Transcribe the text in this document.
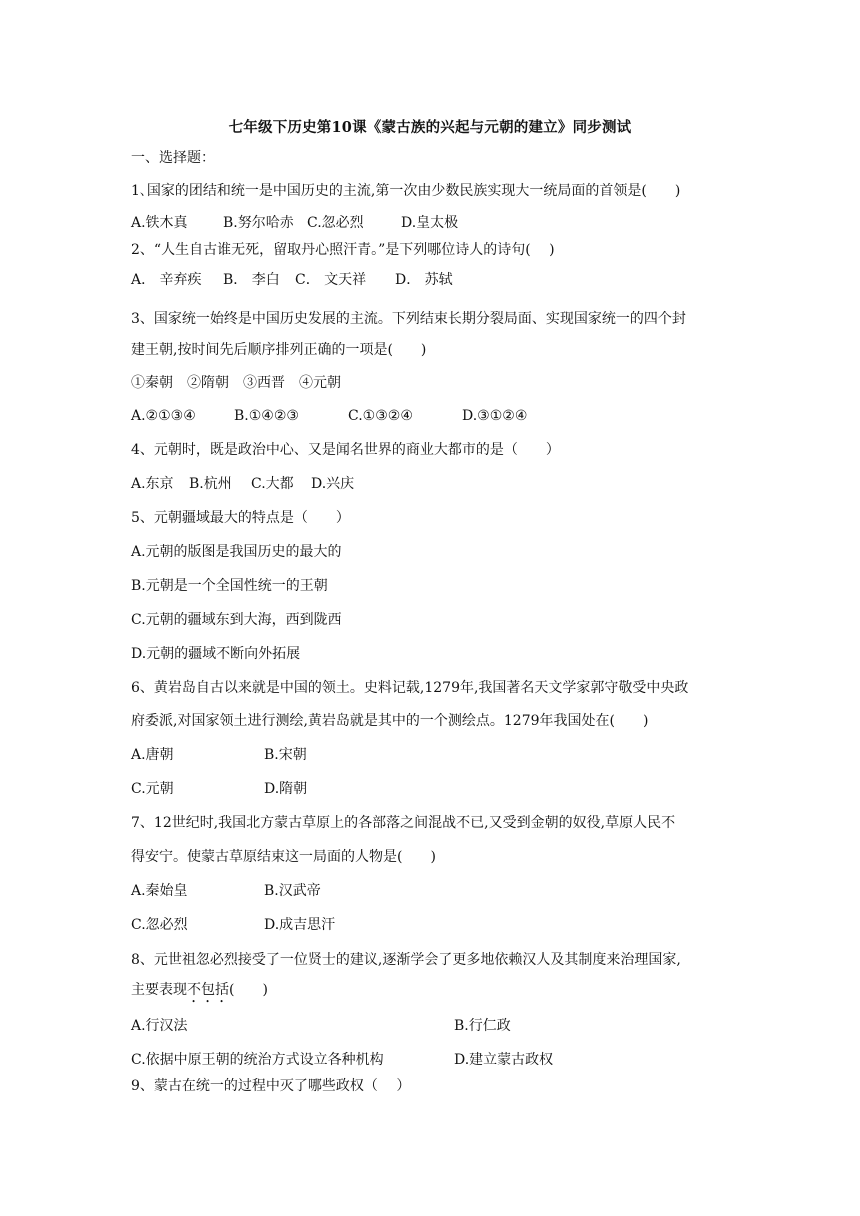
七年级下历史第10课《蒙古族的兴起与元朝的建立》同步测试
一、选择题：
1､国家的团结和统一是中国历史的主流,第一次由少数民族实现大一统局面的首领是(　　)
A.铁木真	B.努尔哈赤 C.忽必烈	D.皇太极
2、“人生自古谁无死，留取丹心照汗青。”是下列哪位诗人的诗句(　 )
A． 辛弃疾 B． 李白 C． 文天祥 D． 苏轼
3、国家统一始终是中国历史发展的主流。下列结束长期分裂局面、实现国家统一的四个封
建王朝,按时间先后顺序排列正确的一项是(　　)
①秦朝　②隋朝　③西晋　④元朝
A.②①③④	B.①④②③	C.①③②④	D.③①②④
4、元朝时，既是政治中心、又是闻名世界的商业大都市的是（　　）
A.东京 B.杭州 C.大都 D.兴庆
5、元朝疆域最大的特点是（　　）
A.元朝的版图是我国历史的最大的
B.元朝是一个全国性统一的王朝
C.元朝的疆域东到大海，西到陇西
D.元朝的疆域不断向外拓展
6、黄岩岛自古以来就是中国的领土。史料记载,1279年,我国著名天文学家郭守敬受中央政
府委派,对国家领土进行测绘,黄岩岛就是其中的一个测绘点。1279年我国处在(　　)
A.唐朝	B.宋朝
C.元朝	D.隋朝
7、12世纪时,我国北方蒙古草原上的各部落之间混战不已,又受到金朝的奴役,草原人民不
得安宁。使蒙古草原结束这一局面的人物是(　　)
A.秦始皇	B.汉武帝
C.忽必烈	D.成吉思汗
8、元世祖忽必烈接受了一位贤士的建议,逐渐学会了更多地依赖汉人及其制度来治理国家,
主要表现不包括(　　)
A.行汉法	B.行仁政
C.依据中原王朝的统治方式设立各种机构	D.建立蒙古政权
9、蒙古在统一的过程中灭了哪些政权（　 ）
